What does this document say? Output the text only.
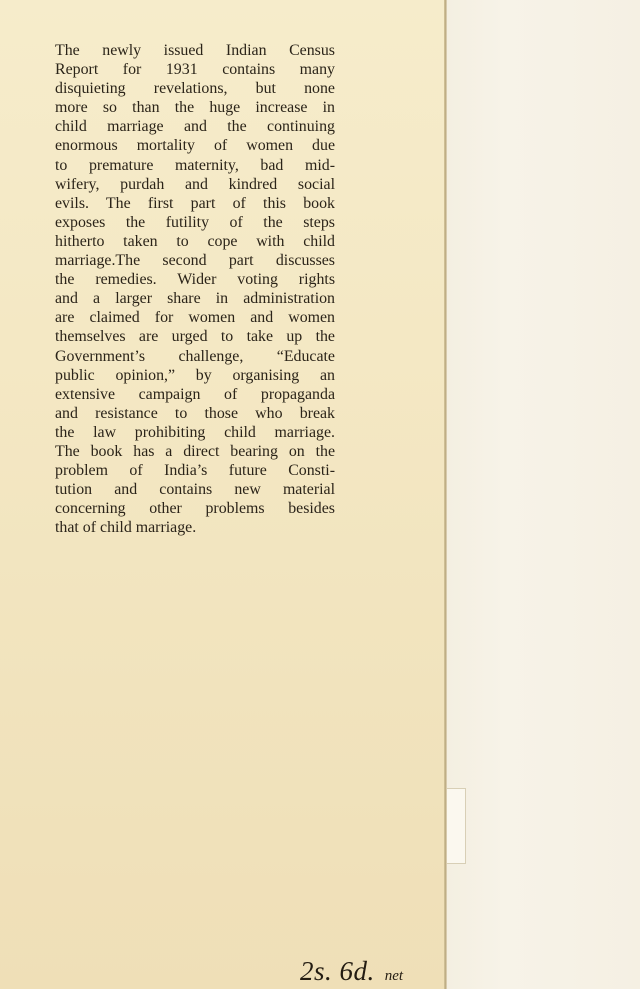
The newly issued Indian Census
Report for 1931 contains many
disquieting revelations, but none
more so than the huge increase in
child marriage and the continuing
enormous mortality of women due
to premature maternity, bad mid-
wifery, purdah and kindred social
evils. The first part of this book
exposes the futility of the steps
hitherto taken to cope with child
marriage.The second part discusses
the remedies. Wider voting rights
and a larger share in administration
are claimed for women and women
themselves are urged to take up the
Government’s challenge, “Educate
public opinion,” by organising an
extensive campaign of propaganda
and resistance to those who break
the law prohibiting child marriage.
The book has a direct bearing on the
problem of India’s future Consti-
tution and contains new material
concerning other problems besides
that of child marriage.
2s. 6d. net
